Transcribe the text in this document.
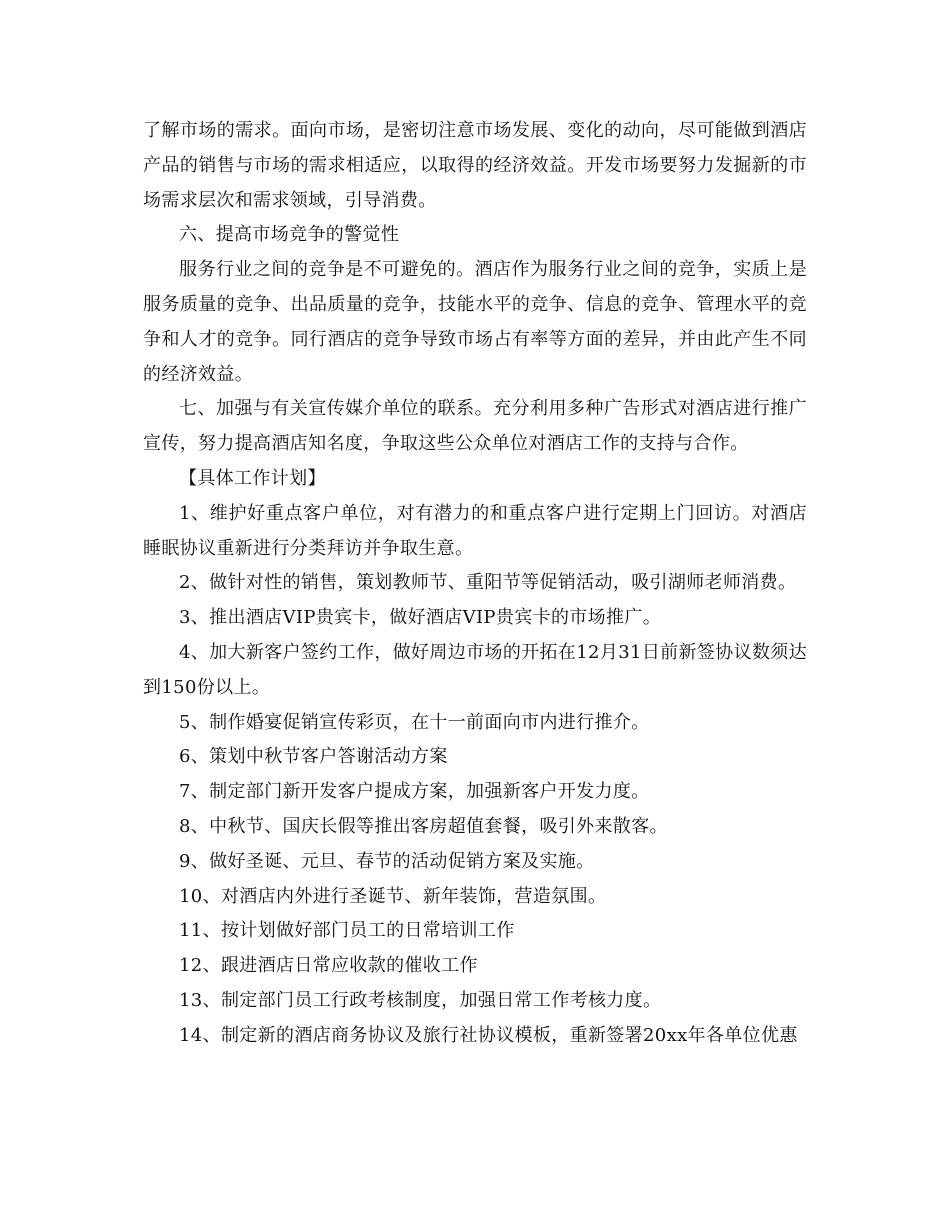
了解市场的需求。面向市场，是密切注意市场发展、变化的动向，尽可能做到酒店产品的销售与市场的需求相适应，以取得的经济效益。开发市场要努力发掘新的市场需求层次和需求领域，引导消费。

六、提高市场竞争的警觉性

服务行业之间的竞争是不可避免的。酒店作为服务行业之间的竞争，实质上是服务质量的竞争、出品质量的竞争，技能水平的竞争、信息的竞争、管理水平的竞争和人才的竞争。同行酒店的竞争导致市场占有率等方面的差异，并由此产生不同的经济效益。

七、加强与有关宣传媒介单位的联系。充分利用多种广告形式对酒店进行推广宣传，努力提高酒店知名度，争取这些公众单位对酒店工作的支持与合作。

【具体工作计划】

1、维护好重点客户单位，对有潜力的和重点客户进行定期上门回访。对酒店睡眠协议重新进行分类拜访并争取生意。

2、做针对性的销售，策划教师节、重阳节等促销活动，吸引湖师老师消费。

3、推出酒店VIP贵宾卡，做好酒店VIP贵宾卡的市场推广。

4、加大新客户签约工作，做好周边市场的开拓在12月31日前新签协议数须达到150份以上。

5、制作婚宴促销宣传彩页，在十一前面向市内进行推介。

6、策划中秋节客户答谢活动方案

7、制定部门新开发客户提成方案，加强新客户开发力度。

8、中秋节、国庆长假等推出客房超值套餐，吸引外来散客。

9、做好圣诞、元旦、春节的活动促销方案及实施。

10、对酒店内外进行圣诞节、新年装饰，营造氛围。

11、按计划做好部门员工的日常培训工作

12、跟进酒店日常应收款的催收工作

13、制定部门员工行政考核制度，加强日常工作考核力度。

14、制定新的酒店商务协议及旅行社协议模板，重新签署20xx年各单位优惠
